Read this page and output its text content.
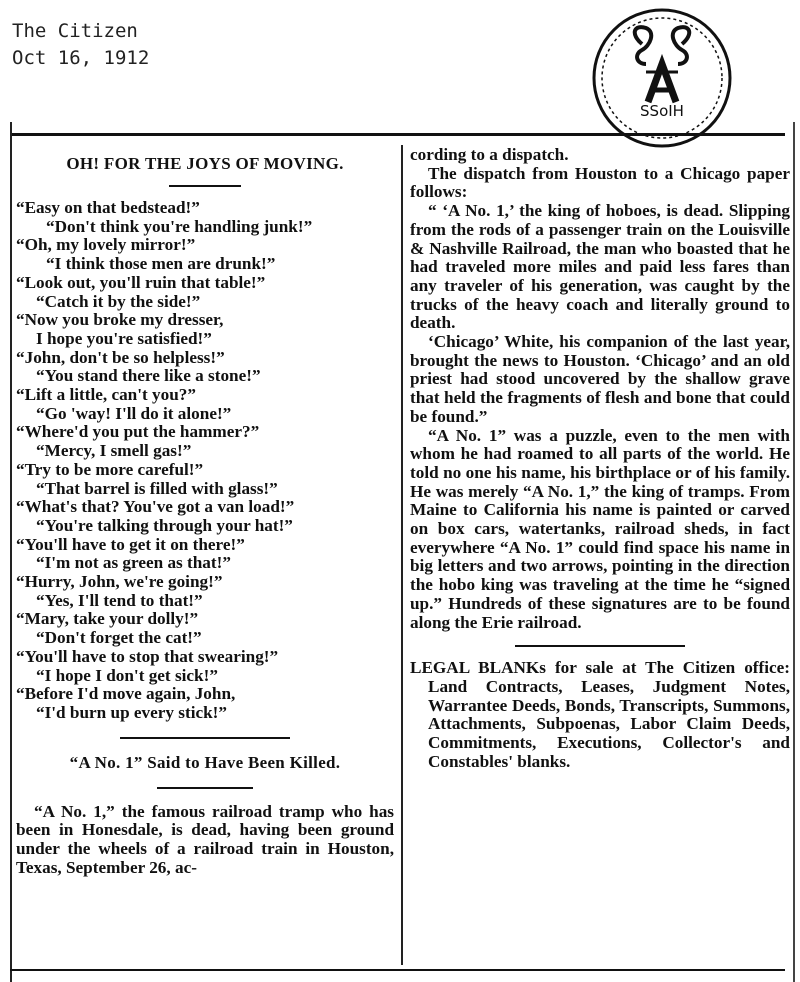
The Citizen
Oct 16, 1912
SSoIH
OH! FOR THE JOYS OF MOVING.

“Easy on that bedstead!”

“Don't think you're handling junk!”

“Oh, my lovely mirror!”

“I think those men are drunk!”

“Look out, you'll ruin that table!”

“Catch it by the side!”

“Now you broke my dresser,

I hope you're satisfied!”

“John, don't be so helpless!”

“You stand there like a stone!”

“Lift a little, can't you?”

“Go 'way! I'll do it alone!”

“Where'd you put the hammer?”

“Mercy, I smell gas!”

“Try to be more careful!”

“That barrel is filled with glass!”

“What's that? You've got a van load!”

“You're talking through your hat!”

“You'll have to get it on there!”

“I'm not as green as that!”

“Hurry, John, we're going!”

“Yes, I'll tend to that!”

“Mary, take your dolly!”

“Don't forget the cat!”

“You'll have to stop that swearing!”

“I hope I don't get sick!”

“Before I'd move again, John,

“I'd burn up every stick!”

“A No. 1” Said to Have Been Killed.

“A No. 1,” the famous railroad tramp who has been in Honesdale, is dead, having been ground under the wheels of a railroad train in Houston, Texas, September 26, ac-

cording to a dispatch.

The dispatch from Houston to a Chicago paper follows:

“ ‘A No. 1,’ the king of hoboes, is dead. Slipping from the rods of a passenger train on the Louisville & Nashville Railroad, the man who boasted that he had traveled more miles and paid less fares than any traveler of his generation, was caught by the trucks of the heavy coach and literally ground to death.

‘Chicago’ White, his companion of the last year, brought the news to Houston. ‘Chicago’ and an old priest had stood uncovered by the shallow grave that held the fragments of flesh and bone that could be found.”

“A No. 1” was a puzzle, even to the men with whom he had roamed to all parts of the world. He told no one his name, his birthplace or of his family. He was merely “A No. 1,” the king of tramps. From Maine to California his name is painted or carved on box cars, watertanks, railroad sheds, in fact everywhere “A No. 1” could find space his name in big letters and two arrows, pointing in the direction the hobo king was traveling at the time he “signed up.” Hundreds of these signatures are to be found along the Erie railroad.

LEGAL BLANKs for sale at The Citizen office: Land Contracts, Leases, Judgment Notes, Warrantee Deeds, Bonds, Transcripts, Summons, Attachments, Subpoenas, Labor Claim Deeds, Commitments, Executions, Collector's and Constables' blanks.
